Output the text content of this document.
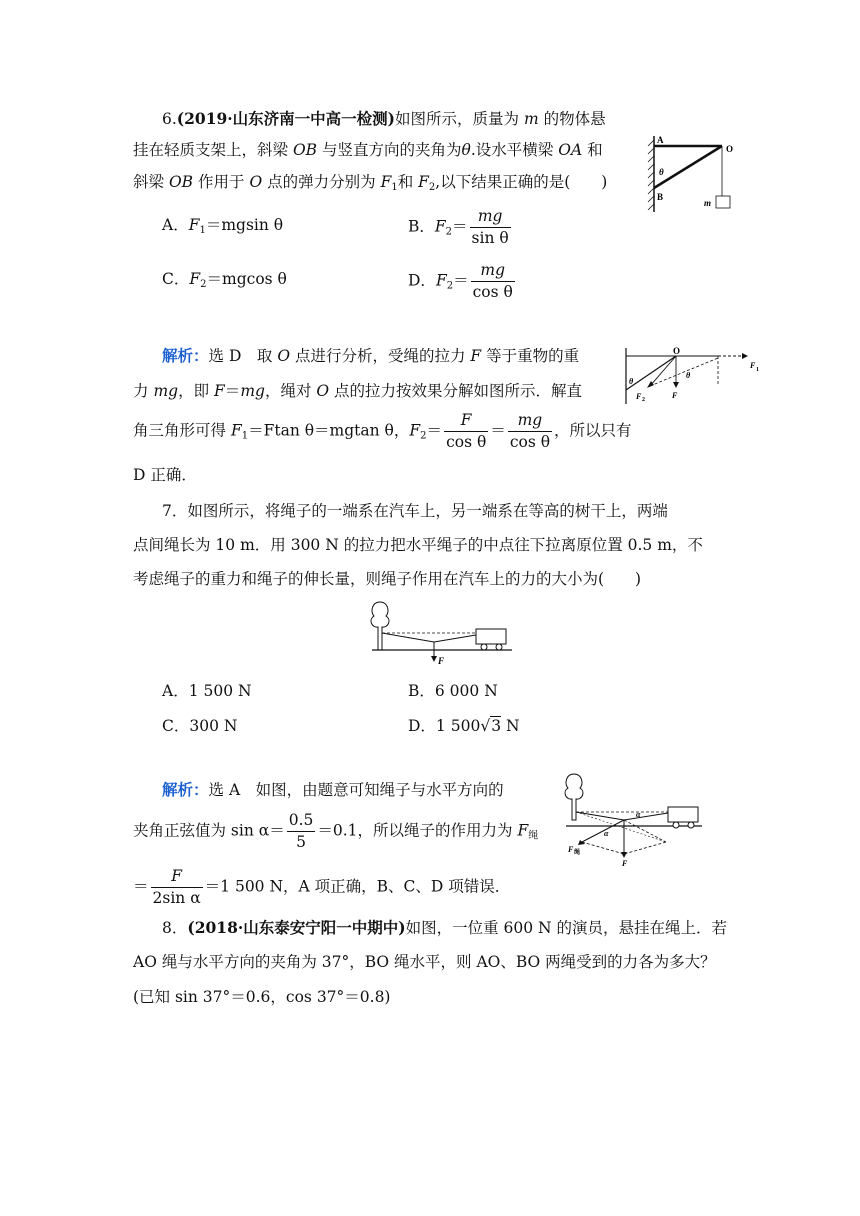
6.(2019·山东济南一中高一检测)如图所示，质量为 m 的物体悬
挂在轻质支架上，斜梁 OB 与竖直方向的夹角为θ.设水平横梁 OA 和
斜梁 OB 作用于 O 点的弹力分别为 $F_1$和 $F_2$,以下结果正确的是(　　)
A．$F_1=mgsin$ θ	B．$F_2= \frac{mg}{\text{sin θ}}$
C．$F_2=mgcos$ θ	D．$F_2= \frac{mg}{\text{cos θ}}$
A
O
θ
B
m
解析：选 D　取 O 点进行分析，受绳的拉力 F 等于重物的重
力 mg，即 F＝mg，绳对 O 点的拉力按效果分解如图所示．解直
角三角形可得 $F_1=Ftan$ θ＝mgtan θ，$F_2= \frac{F}{\text{cos θ}} = \frac{mg}{\text{cos θ}}$ ，所以只有
D 正确．
O
F 1
θ
θ
F 2	F
7．如图所示，将绳子的一端系在汽车上，另一端系在等高的树干上，两端
点间绳长为 10 m．用 300 N 的拉力把水平绳子的中点往下拉离原位置 0.5 m，不
考虑绳子的重力和绳子的伸长量，则绳子作用在汽车上的力的大小为(　　)
F
A．1 500 N	B．6 000 N
C．300 N	D．1 500√3 N
解析：选 A　如图，由题意可知绳子与水平方向的
夹角正弦值为 $\sin \alpha= \frac{0.5}{5} =0.1$，所以绳子的作用力为 $F_绳$
＝ $\frac{F}{\text{2sin α}} =1$ 500 N，A 项正确，B、C、D 项错误．
α
α
F 绳
F
8．(2018·山东泰安宁阳一中期中)如图，一位重 600 N 的演员，悬挂在绳上．若
AO 绳与水平方向的夹角为 37°，BO 绳水平，则 AO、BO 两绳受到的力各为多大？
(已知 sin 37°＝0.6，cos 37°＝0.8)
